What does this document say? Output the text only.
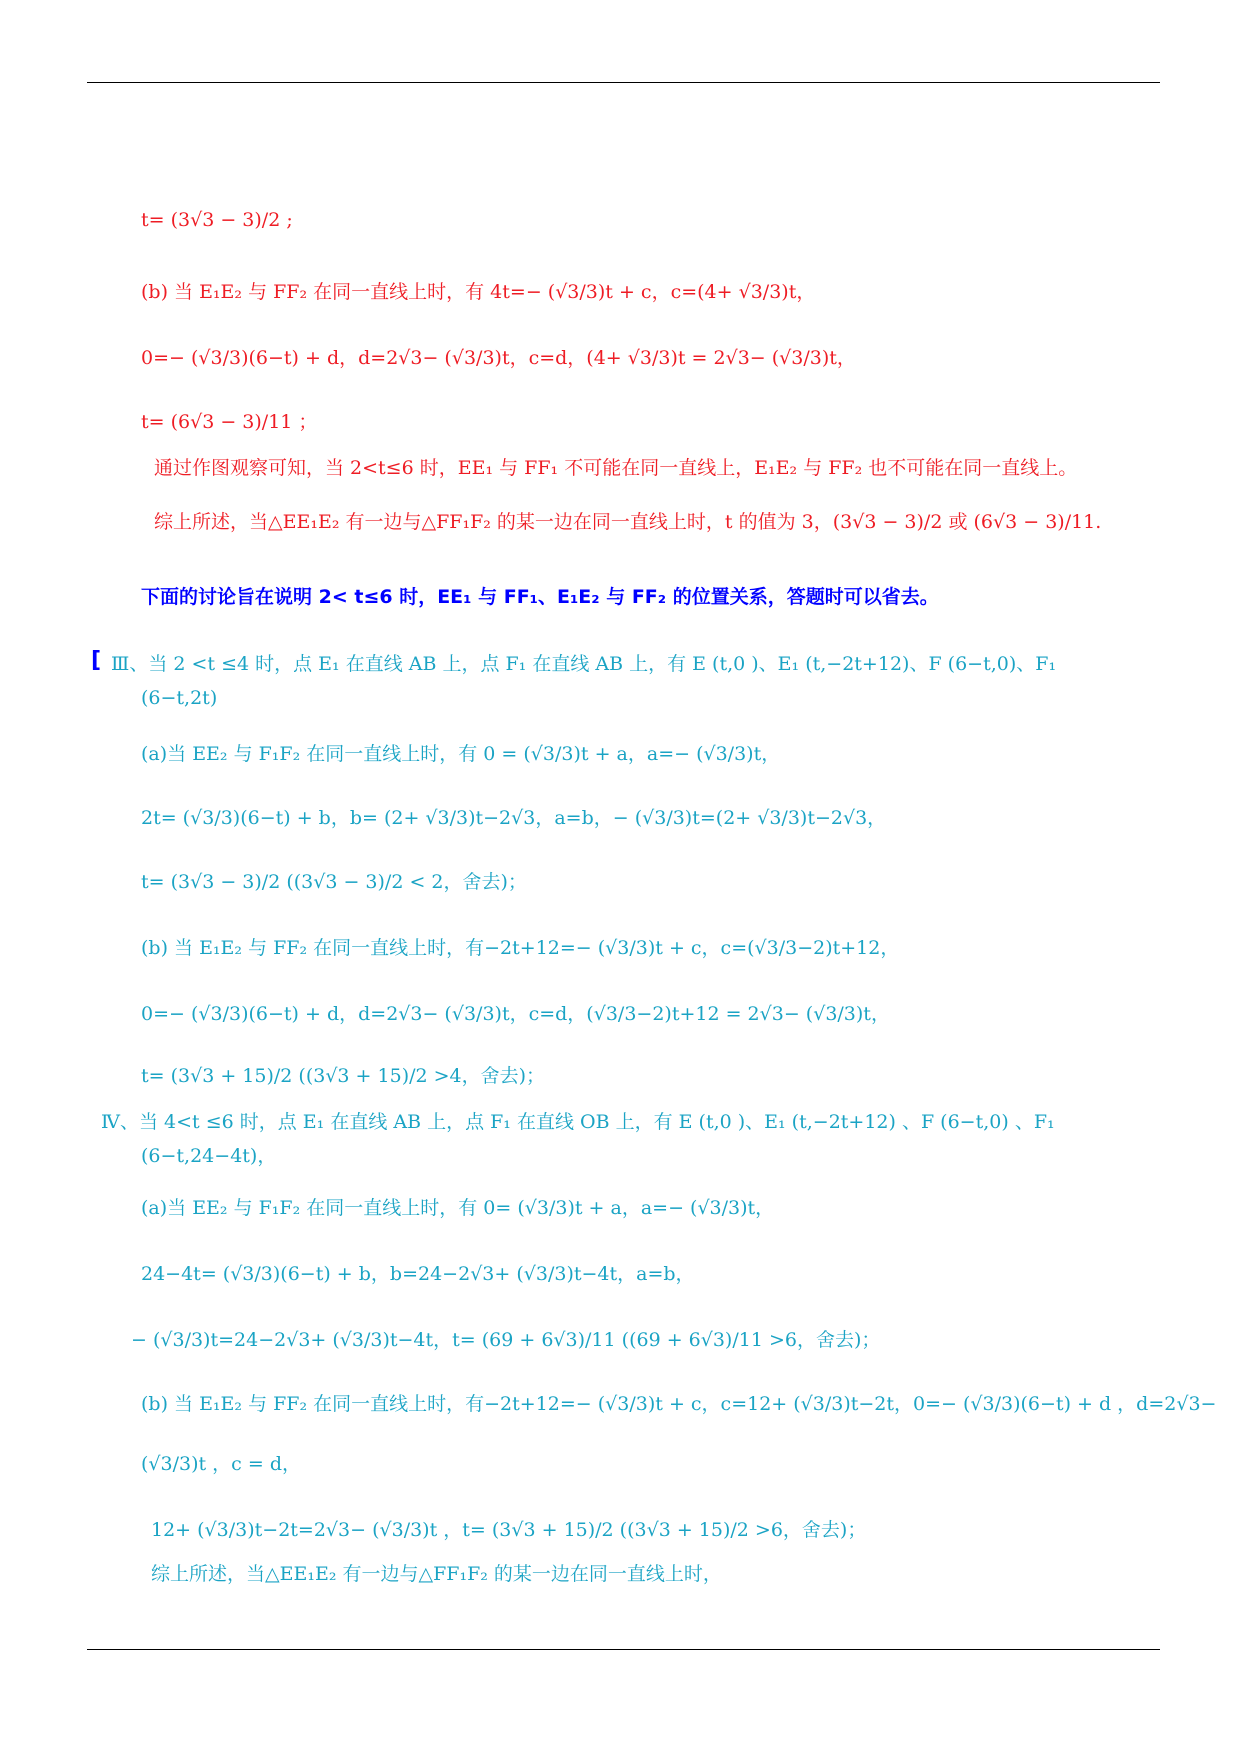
t= (3√3 − 3)/2 ;
(b) 当 E₁E₂ 与 FF₂ 在同一直线上时，有 4t=− (√3/3)t + c，c=(4+ √3/3)t，
0=− (√3/3)(6−t) + d，d=2√3− (√3/3)t，c=d，(4+ √3/3)t = 2√3− (√3/3)t，
t= (6√3 − 3)/11 ；
通过作图观察可知，当 2<t≤6 时，EE₁ 与 FF₁ 不可能在同一直线上，E₁E₂ 与 FF₂ 也不可能在同一直线上。
综上所述，当△EE₁E₂ 有一边与△FF₁F₂ 的某一边在同一直线上时，t 的值为 3，(3√3 − 3)/2 或 (6√3 − 3)/11.
下面的讨论旨在说明 2< t≤6 时，EE₁ 与 FF₁、E₁E₂ 与 FF₂ 的位置关系，答题时可以省去。
[ Ⅲ、当 2 <t ≤4 时，点 E₁ 在直线 AB 上，点 F₁ 在直线 AB 上，有 E (t,0 )、E₁ (t,−2t+12)、F (6−t,0)、F₁
(6−t,2t)
(a)当 EE₂ 与 F₁F₂ 在同一直线上时，有 0 = (√3/3)t + a，a=− (√3/3)t，
2t= (√3/3)(6−t) + b，b= (2+ √3/3)t−2√3，a=b，− (√3/3)t=(2+ √3/3)t−2√3，
t= (3√3 − 3)/2 ((3√3 − 3)/2 < 2，舍去)；
(b) 当 E₁E₂ 与 FF₂ 在同一直线上时，有−2t+12=− (√3/3)t + c，c=(√3/3−2)t+12，
0=− (√3/3)(6−t) + d，d=2√3− (√3/3)t，c=d，(√3/3−2)t+12 = 2√3− (√3/3)t，
t= (3√3 + 15)/2 ((3√3 + 15)/2 >4，舍去)；
Ⅳ、当 4<t ≤6 时，点 E₁ 在直线 AB 上，点 F₁ 在直线 OB 上，有 E (t,0 )、E₁ (t,−2t+12) 、F (6−t,0) 、F₁
(6−t,24−4t)，
(a)当 EE₂ 与 F₁F₂ 在同一直线上时，有 0= (√3/3)t + a，a=− (√3/3)t，
24−4t= (√3/3)(6−t) + b，b=24−2√3+ (√3/3)t−4t，a=b，
− (√3/3)t=24−2√3+ (√3/3)t−4t，t= (69 + 6√3)/11 ((69 + 6√3)/11 >6，舍去)；
(b) 当 E₁E₂ 与 FF₂ 在同一直线上时，有−2t+12=− (√3/3)t + c，c=12+ (√3/3)t−2t，0=− (√3/3)(6−t) + d ，d=2√3−
(√3/3)t ，c = d，
12+ (√3/3)t−2t=2√3− (√3/3)t ，t= (3√3 + 15)/2 ((3√3 + 15)/2 >6，舍去)；
综上所述，当△EE₁E₂ 有一边与△FF₁F₂ 的某一边在同一直线上时，
